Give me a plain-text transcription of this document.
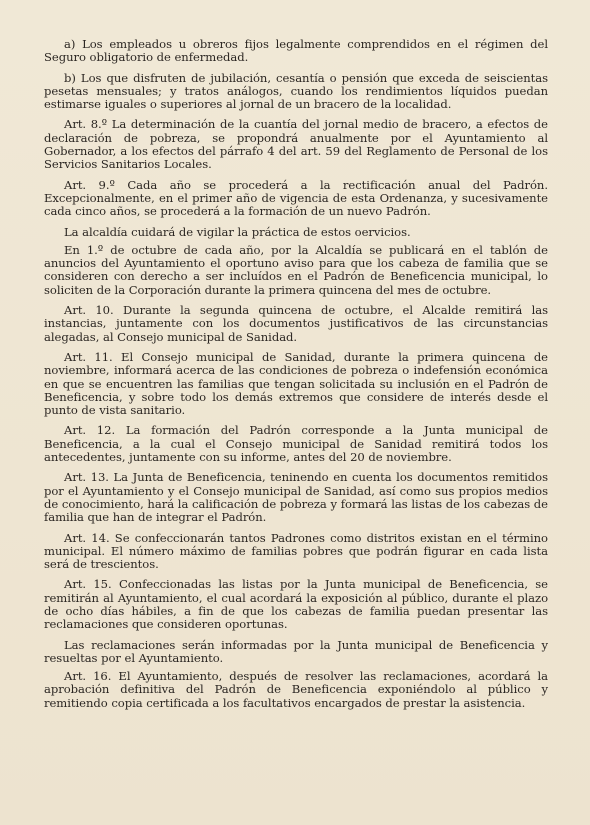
a) Los empleados u obreros fijos legalmente comprendidos en el régimen del Seguro obligatorio de enfermedad.

b) Los que disfruten de jubilación, cesantía o pensión que exceda de seiscientas pesetas mensuales; y tratos análogos, cuando los rendimientos líquidos puedan estimarse iguales o superiores al jornal de un bracero de la localidad.

Art. 8.º La determinación de la cuantía del jornal medio de bracero, a efectos de declaración de pobreza, se propondrá anualmente por el Ayuntamiento al Gobernador, a los efectos del párrafo 4 del art. 59 del Reglamento de Personal de los Servicios Sanitarios Locales.

Art. 9.º Cada año se procederá a la rectificación anual del Padrón. Excepcionalmente, en el primer año de vigencia de esta Ordenanza, y sucesivamente cada cinco años, se procederá a la formación de un nuevo Padrón.

La alcaldía cuidará de vigilar la práctica de estos oervicios.

En 1.º de octubre de cada año, por la Alcaldía se publicará en el tablón de anuncios del Ayuntamiento el oportuno aviso para que los cabeza de familia que se consideren con derecho a ser incluídos en el Padrón de Beneficencia municipal, lo soliciten de la Corporación durante la primera quincena del mes de octubre.

Art. 10. Durante la segunda quincena de octubre, el Alcalde remitirá las instancias, juntamente con los documentos justificativos de las circunstancias alegadas, al Consejo municipal de Sanidad.

Art. 11. El Consejo municipal de Sanidad, durante la primera quincena de noviembre, informará acerca de las condiciones de pobreza o indefensión económica en que se encuentren las familias que tengan solicitada su inclusión en el Padrón de Beneficencia, y sobre todo los demás extremos que considere de interés desde el punto de vista sanitario.

Art. 12. La formación del Padrón corresponde a la Junta municipal de Beneficencia, a la cual el Consejo municipal de Sanidad remitirá todos los antecedentes, juntamente con su informe, antes del 20 de noviembre.

Art. 13. La Junta de Beneficencia, teninendo en cuenta los documentos remitidos por el Ayuntamiento y el Consejo municipal de Sanidad, así como sus propios medios de conocimiento, hará la calificación de pobreza y formará las listas de los cabezas de familia que han de integrar el Padrón.

Art. 14. Se confeccionarán tantos Padrones como distritos existan en el término municipal. El número máximo de familias pobres que podrán figurar en cada lista será de trescientos.

Art. 15. Confeccionadas las listas por la Junta municipal de Beneficencia, se remitirán al Ayuntamiento, el cual acordará la exposición al público, durante el plazo de ocho días hábiles, a fin de que los cabezas de familia puedan presentar las reclamaciones que consideren oportunas.

Las reclamaciones serán informadas por la Junta municipal de Beneficencia y resueltas por el Ayuntamiento.

Art. 16. El Ayuntamiento, después de resolver las reclamaciones, acordará la aprobación definitiva del Padrón de Beneficencia exponiéndolo al público y remitiendo copia certificada a los facultativos encargados de prestar la asistencia.
